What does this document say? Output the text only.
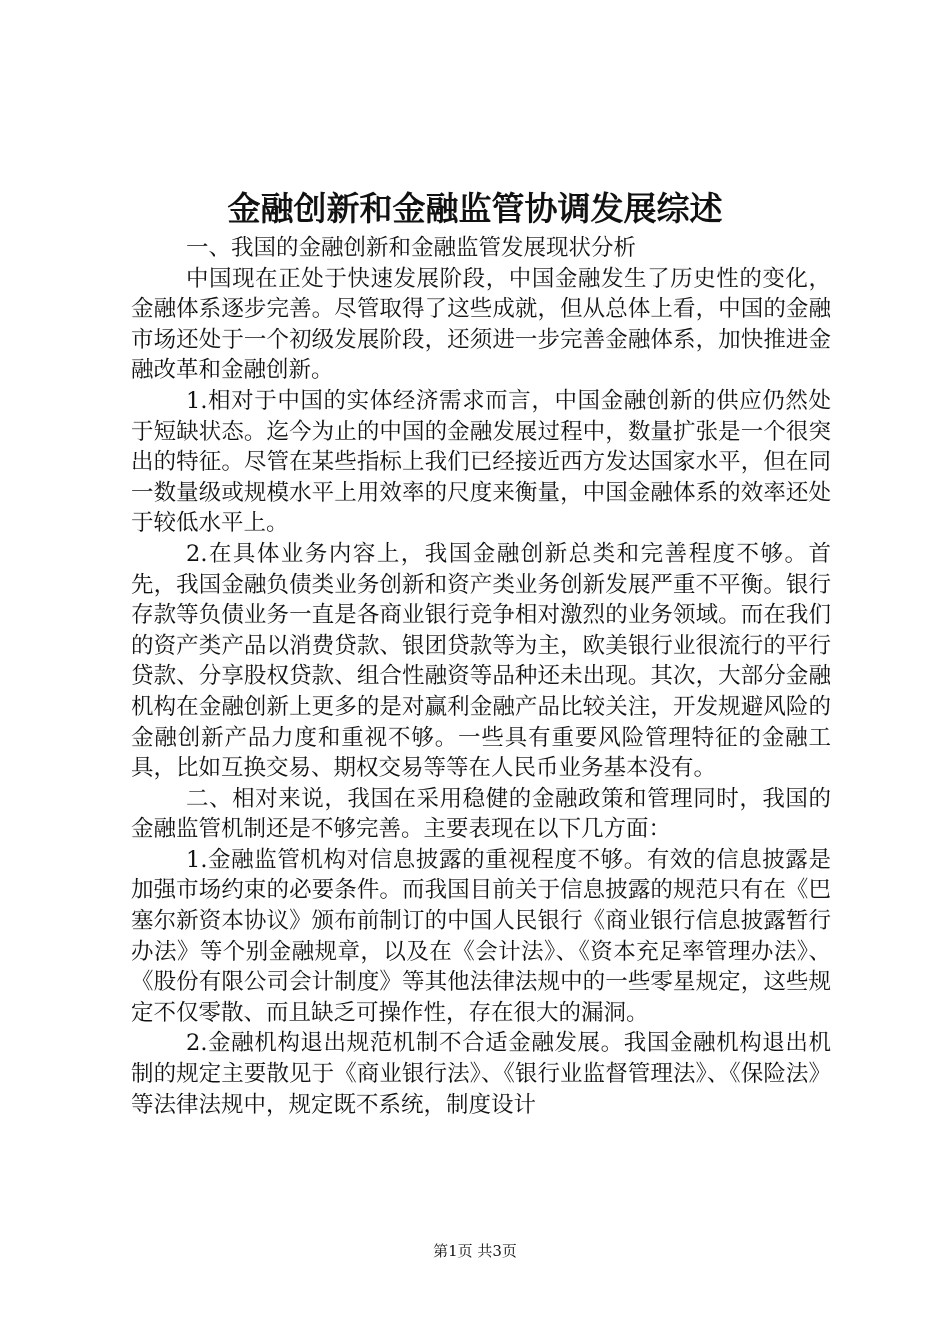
金融创新和金融监管协调发展综述

一、我国的金融创新和金融监管发展现状分析

中国现在正处于快速发展阶段，中国金融发生了历史性的变化，金融体系逐步完善。尽管取得了这些成就，但从总体上看，中国的金融市场还处于一个初级发展阶段，还须进一步完善金融体系，加快推进金融改革和金融创新。

1.相对于中国的实体经济需求而言，中国金融创新的供应仍然处于短缺状态。迄今为止的中国的金融发展过程中，数量扩张是一个很突出的特征。尽管在某些指标上我们已经接近西方发达国家水平，但在同一数量级或规模水平上用效率的尺度来衡量，中国金融体系的效率还处于较低水平上。

2.在具体业务内容上，我国金融创新总类和完善程度不够。首先，我国金融负债类业务创新和资产类业务创新发展严重不平衡。银行存款等负债业务一直是各商业银行竞争相对激烈的业务领域。而在我们的资产类产品以消费贷款、银团贷款等为主，欧美银行业很流行的平行贷款、分享股权贷款、组合性融资等品种还未出现。其次，大部分金融机构在金融创新上更多的是对赢利金融产品比较关注，开发规避风险的金融创新产品力度和重视不够。一些具有重要风险管理特征的金融工具，比如互换交易、期权交易等等在人民币业务基本没有。

二、相对来说，我国在采用稳健的金融政策和管理同时，我国的金融监管机制还是不够完善。主要表现在以下几方面：

1.金融监管机构对信息披露的重视程度不够。有效的信息披露是加强市场约束的必要条件。而我国目前关于信息披露的规范只有在《巴塞尔新资本协议》颁布前制订的中国人民银行《商业银行信息披露暂行办法》等个别金融规章，以及在《会计法》、《资本充足率管理办法》、《股份有限公司会计制度》等其他法律法规中的一些零星规定，这些规定不仅零散、而且缺乏可操作性，存在很大的漏洞。

2.金融机构退出规范机制不合适金融发展。我国金融机构退出机制的规定主要散见于《商业银行法》、《银行业监督管理法》、《保险法》等法律法规中，规定既不系统，制度设计

第1页 共3页
